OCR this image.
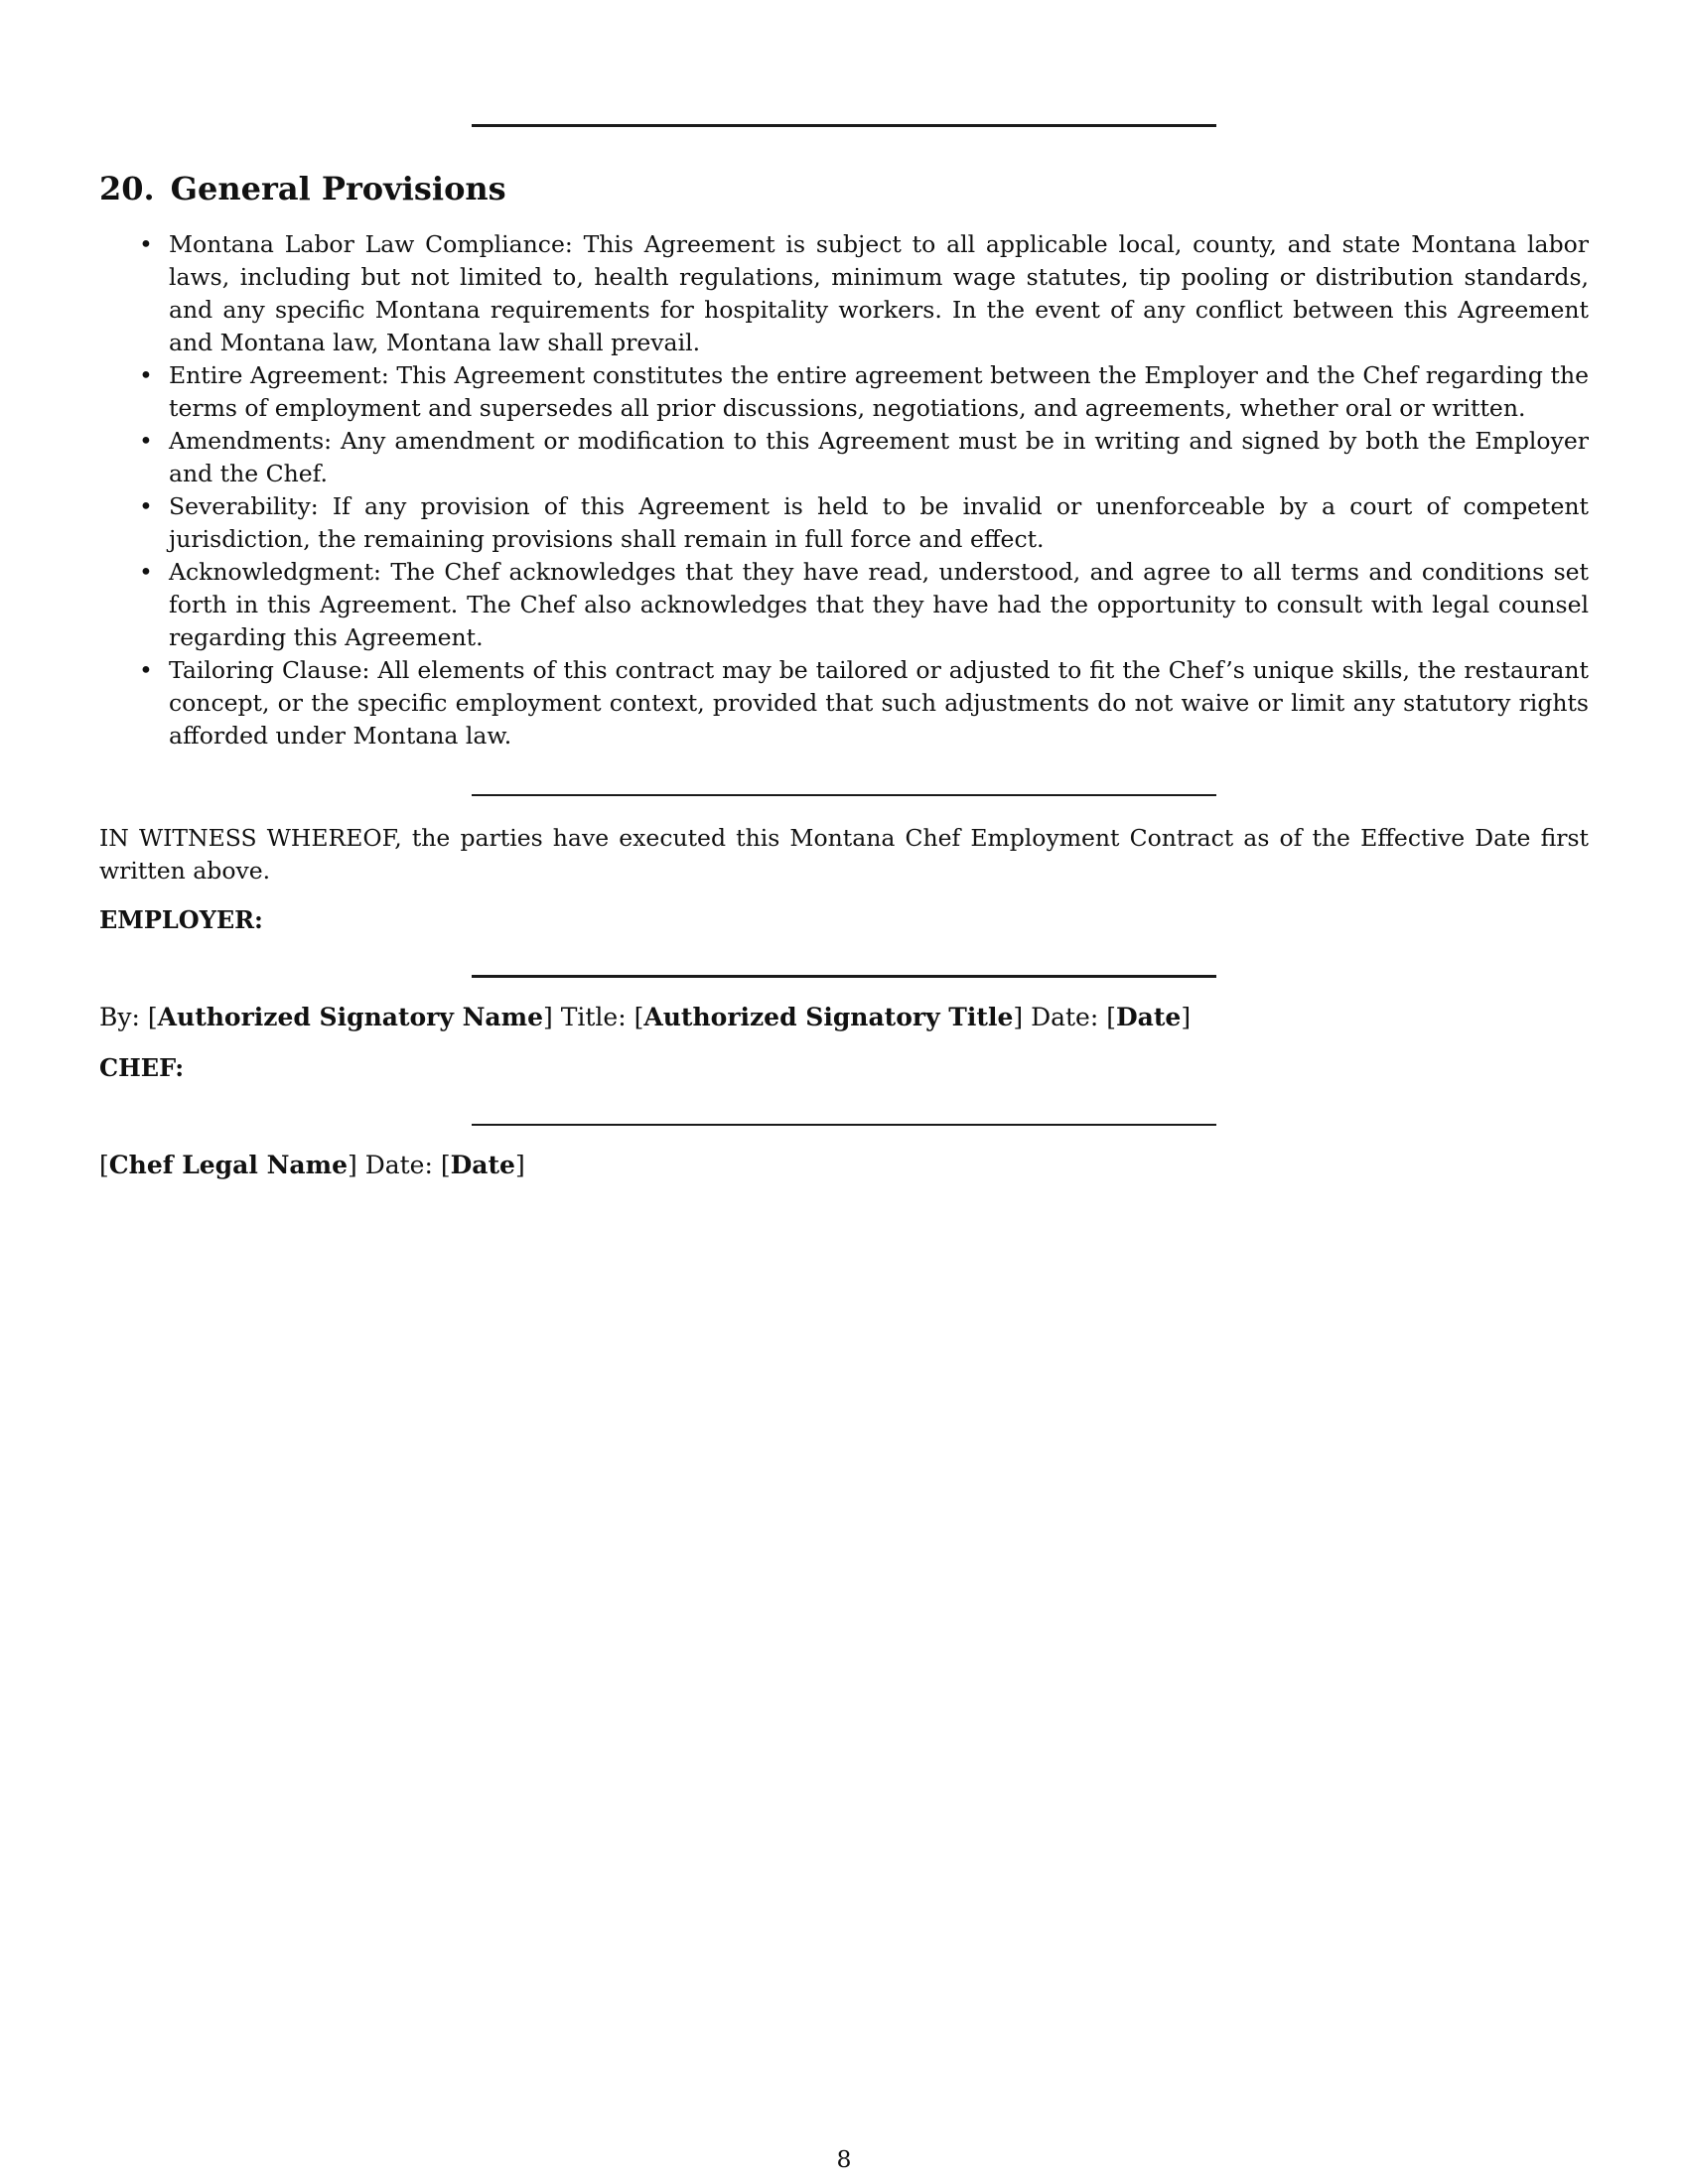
20. General Provisions
• Montana Labor Law Compliance: This Agreement is subject to all applicable local, county, and state Montana labor laws, including but not limited to, health regulations, minimum wage statutes, tip pooling or distribution standards, and any specific Montana requirements for hospitality workers. In the event of any conflict between this Agreement and Montana law, Montana law shall prevail.
• Entire Agreement: This Agreement constitutes the entire agreement between the Employer and the Chef regarding the terms of employment and supersedes all prior discussions, negotiations, and agreements, whether oral or written.
• Amendments: Any amendment or modification to this Agreement must be in writing and signed by both the Employer and the Chef.
• Severability: If any provision of this Agreement is held to be invalid or unenforceable by a court of competent jurisdiction, the remaining provisions shall remain in full force and effect.
• Acknowledgment: The Chef acknowledges that they have read, understood, and agree to all terms and conditions set forth in this Agreement. The Chef also acknowledges that they have had the opportunity to consult with legal counsel regarding this Agreement.
• Tailoring Clause: All elements of this contract may be tailored or adjusted to fit the Chef’s unique skills, the restaurant concept, or the specific employment context, provided that such adjustments do not waive or limit any statutory rights afforded under Montana law.

IN WITNESS WHEREOF, the parties have executed this Montana Chef Employment Contract as of the Effective Date first written above.

EMPLOYER:

By: [Authorized Signatory Name] Title: [Authorized Signatory Title] Date: [Date]

CHEF:

[Chef Legal Name] Date: [Date]

8
